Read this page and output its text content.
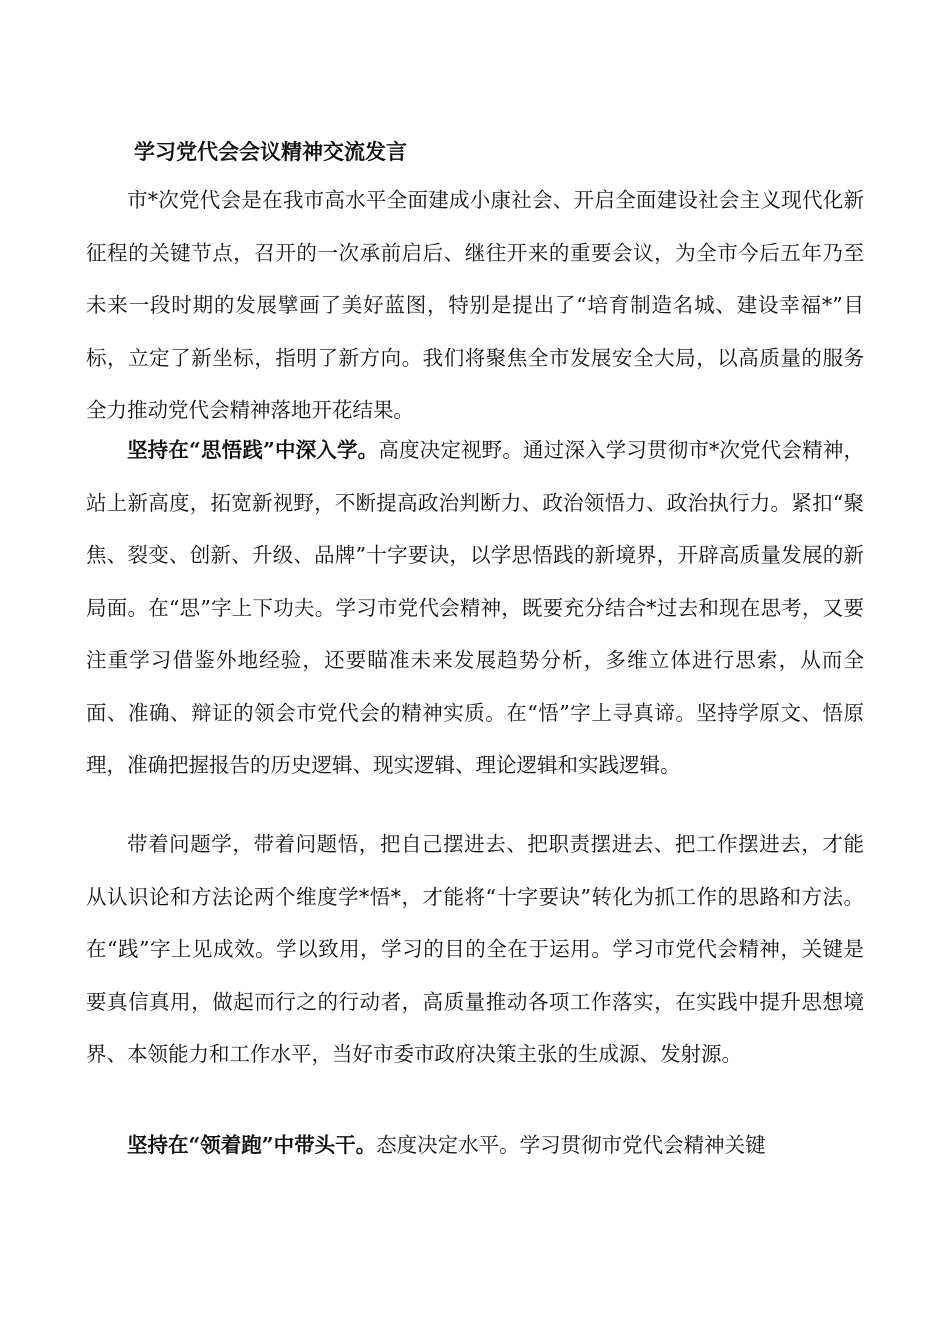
学习党代会会议精神交流发言

市*次党代会是在我市高水平全面建成小康社会、开启全面建设社会主义现代化新征程的关键节点，召开的一次承前启后、继往开来的重要会议，为全市今后五年乃至未来一段时期的发展擘画了美好蓝图，特别是提出了“培育制造名城、建设幸福*”目标，立定了新坐标，指明了新方向。我们将聚焦全市发展安全大局，以高质量的服务全力推动党代会精神落地开花结果。

坚持在“思悟践”中深入学。高度决定视野。通过深入学习贯彻市*次党代会精神，站上新高度，拓宽新视野，不断提高政治判断力、政治领悟力、政治执行力。紧扣“聚焦、裂变、创新、升级、品牌”十字要诀，以学思悟践的新境界，开辟高质量发展的新局面。在“思”字上下功夫。学习市党代会精神，既要充分结合*过去和现在思考，又要注重学习借鉴外地经验，还要瞄准未来发展趋势分析，多维立体进行思索，从而全面、准确、辩证的领会市党代会的精神实质。在“悟”字上寻真谛。坚持学原文、悟原理，准确把握报告的历史逻辑、现实逻辑、理论逻辑和实践逻辑。

带着问题学，带着问题悟，把自己摆进去、把职责摆进去、把工作摆进去，才能从认识论和方法论两个维度学*悟*，才能将“十字要诀”转化为抓工作的思路和方法。在“践”字上见成效。学以致用，学习的目的全在于运用。学习市党代会精神，关键是要真信真用，做起而行之的行动者，高质量推动各项工作落实，在实践中提升思想境界、本领能力和工作水平，当好市委市政府决策主张的生成源、发射源。

坚持在“领着跑”中带头干。态度决定水平。学习贯彻市党代会精神关键
